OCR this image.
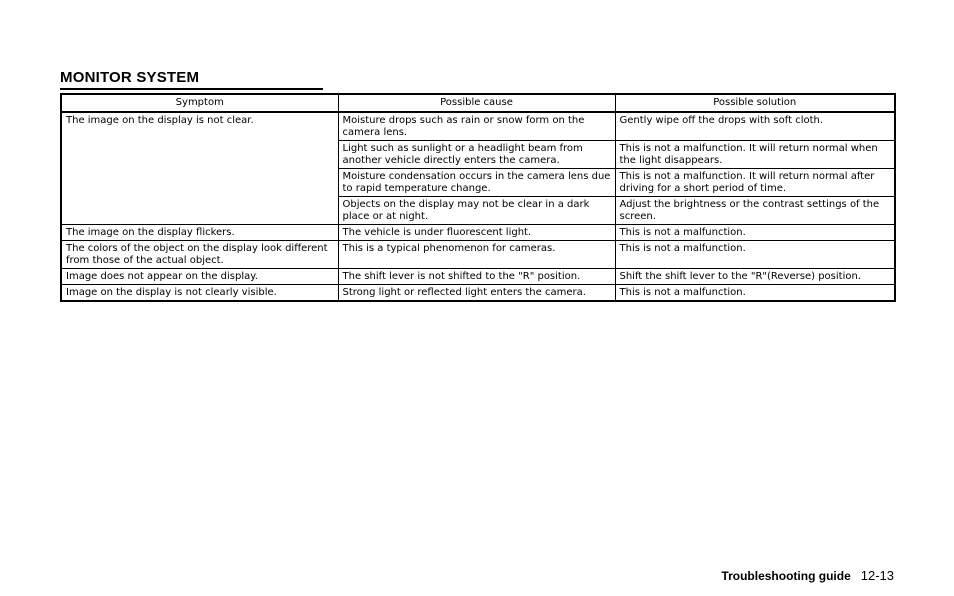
MONITOR SYSTEM
Symptom	Possible cause	Possible solution
The image on the display is not clear.	Moisture drops such as rain or snow form on the camera lens.	Gently wipe off the drops with soft cloth.
	Light such as sunlight or a headlight beam from another vehicle directly enters the camera.	This is not a malfunction. It will return normal when the light disappears.
	Moisture condensation occurs in the camera lens due to rapid temperature change.	This is not a malfunction. It will return normal after driving for a short period of time.
	Objects on the display may not be clear in a dark place or at night.	Adjust the brightness or the contrast settings of the screen.
The image on the display flickers.	The vehicle is under fluorescent light.	This is not a malfunction.
The colors of the object on the display look different from those of the actual object.	This is a typical phenomenon for cameras.	This is not a malfunction.
Image does not appear on the display.	The shift lever is not shifted to the "R" position.	Shift the shift lever to the "R"(Reverse) position.
Image on the display is not clearly visible.	Strong light or reflected light enters the camera.	This is not a malfunction.
Troubleshooting guide 12-13
